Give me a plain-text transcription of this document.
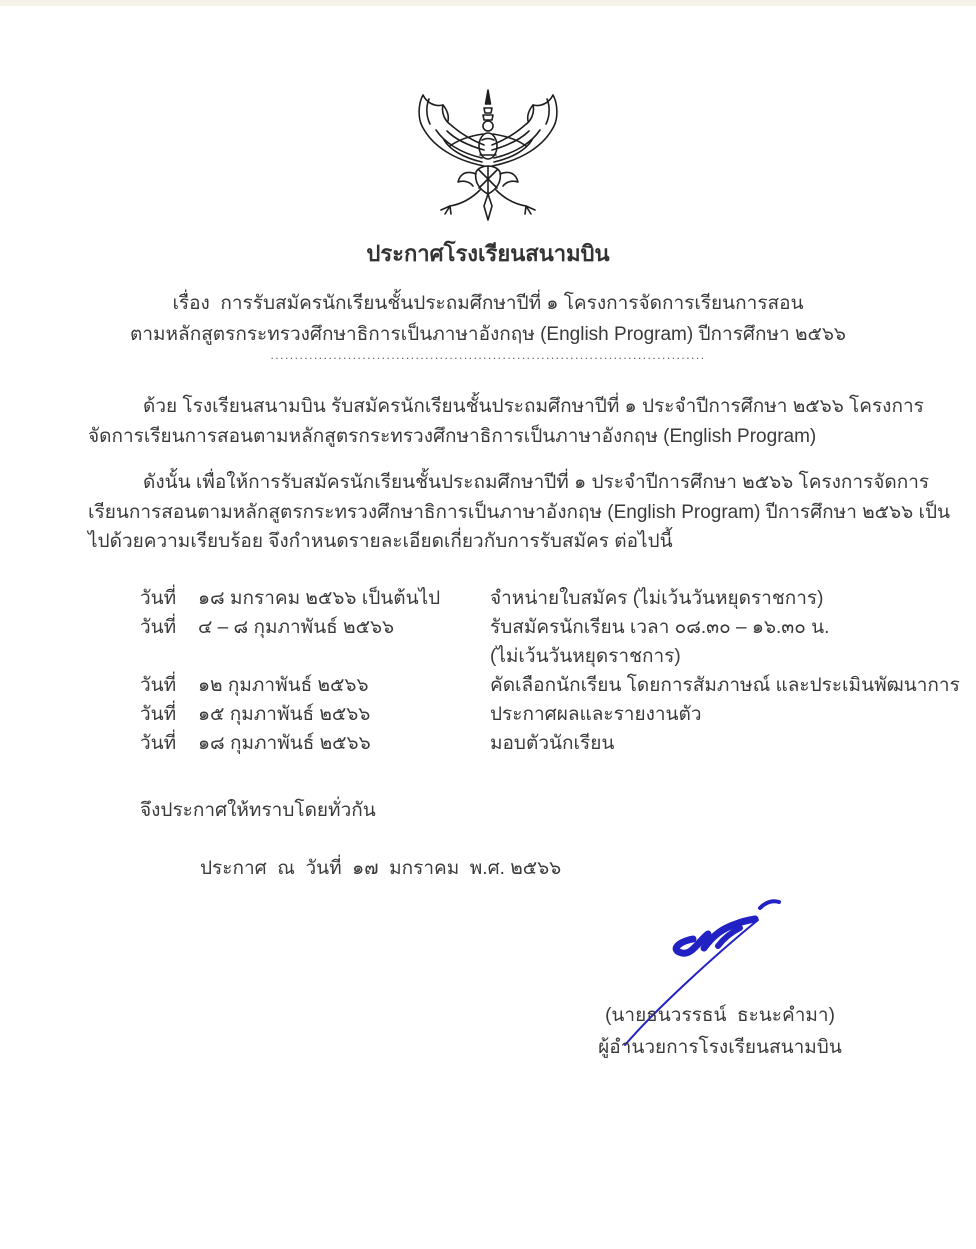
ประกาศโรงเรียนสนามบิน
เรื่อง  การรับสมัครนักเรียนชั้นประถมศึกษาปีที่ ๑ โครงการจัดการเรียนการสอน
ตามหลักสูตรกระทรวงศึกษาธิการเป็นภาษาอังกฤษ (English Program) ปีการศึกษา ๒๕๖๖
..........................................................................................
ด้วย โรงเรียนสนามบิน รับสมัครนักเรียนชั้นประถมศึกษาปีที่ ๑ ประจำปีการศึกษา ๒๕๖๖ โครงการจัดการเรียนการสอนตามหลักสูตรกระทรวงศึกษาธิการเป็นภาษาอังกฤษ (English Program)
ดังนั้น เพื่อให้การรับสมัครนักเรียนชั้นประถมศึกษาปีที่ ๑ ประจำปีการศึกษา ๒๕๖๖ โครงการจัดการเรียนการสอนตามหลักสูตรกระทรวงศึกษาธิการเป็นภาษาอังกฤษ (English Program) ปีการศึกษา ๒๕๖๖ เป็นไปด้วยความเรียบร้อย จึงกำหนดรายละเอียดเกี่ยวกับการรับสมัคร ต่อไปนี้
วันที่	๑๘ มกราคม ๒๕๖๖ เป็นต้นไป	จำหน่ายใบสมัคร (ไม่เว้นวันหยุดราชการ)
วันที่	๔ – ๘ กุมภาพันธ์ ๒๕๖๖	รับสมัครนักเรียน เวลา ๐๘.๓๐ – ๑๖.๓๐ น.
(ไม่เว้นวันหยุดราชการ)
วันที่	๑๒ กุมภาพันธ์ ๒๕๖๖	คัดเลือกนักเรียน โดยการสัมภาษณ์ และประเมินพัฒนาการ
วันที่	๑๕ กุมภาพันธ์ ๒๕๖๖	ประกาศผลและรายงานตัว
วันที่	๑๘ กุมภาพันธ์ ๒๕๖๖	มอบตัวนักเรียน
จึงประกาศให้ทราบโดยทั่วกัน
ประกาศ  ณ  วันที่  ๑๗  มกราคม  พ.ศ. ๒๕๖๖
(นายธนวรรธน์  ธะนะคำมา)
ผู้อำนวยการโรงเรียนสนามบิน
